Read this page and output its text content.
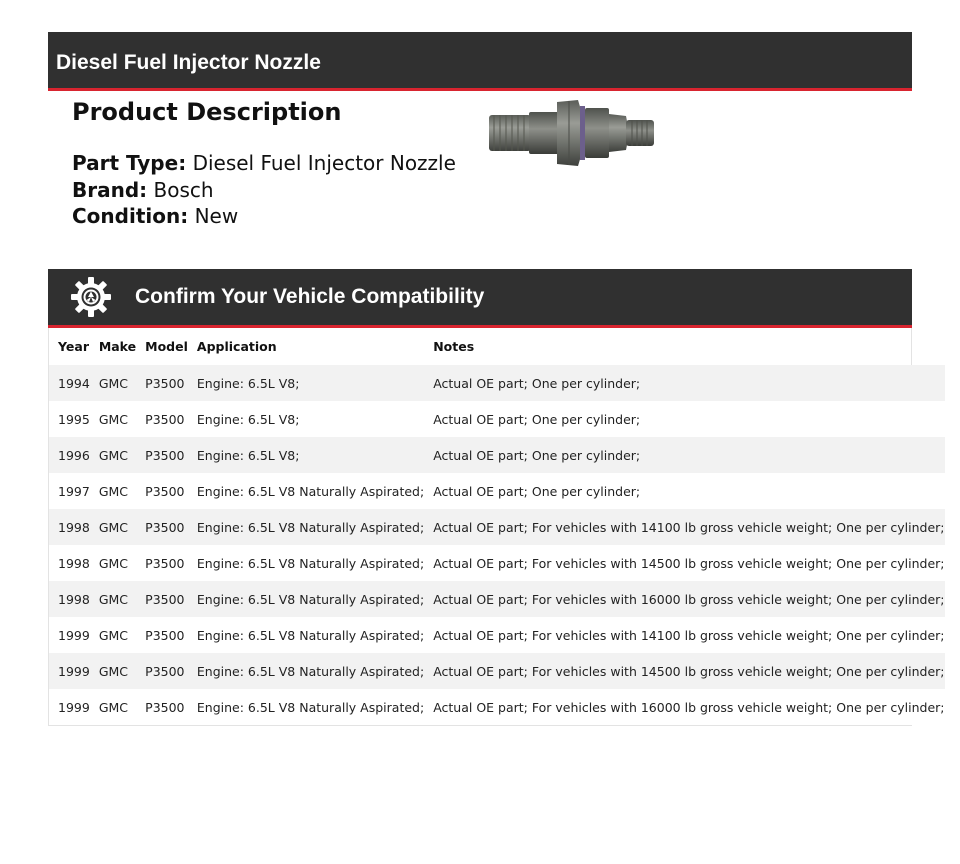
Diesel Fuel Injector Nozzle
Product Description
Part Type: Diesel Fuel Injector Nozzle
Brand: Bosch
Condition: New
Confirm Your Vehicle Compatibility
Year	Make	Model	Application	Notes
1994	GMC	P3500	Engine: 6.5L V8;	Actual OE part; One per cylinder;
1995	GMC	P3500	Engine: 6.5L V8;	Actual OE part; One per cylinder;
1996	GMC	P3500	Engine: 6.5L V8;	Actual OE part; One per cylinder;
1997	GMC	P3500	Engine: 6.5L V8 Naturally Aspirated;	Actual OE part; One per cylinder;
1998	GMC	P3500	Engine: 6.5L V8 Naturally Aspirated;	Actual OE part; For vehicles with 14100 lb gross vehicle weight; One per cylinder;
1998	GMC	P3500	Engine: 6.5L V8 Naturally Aspirated;	Actual OE part; For vehicles with 14500 lb gross vehicle weight; One per cylinder;
1998	GMC	P3500	Engine: 6.5L V8 Naturally Aspirated;	Actual OE part; For vehicles with 16000 lb gross vehicle weight; One per cylinder;
1999	GMC	P3500	Engine: 6.5L V8 Naturally Aspirated;	Actual OE part; For vehicles with 14100 lb gross vehicle weight; One per cylinder;
1999	GMC	P3500	Engine: 6.5L V8 Naturally Aspirated;	Actual OE part; For vehicles with 14500 lb gross vehicle weight; One per cylinder;
1999	GMC	P3500	Engine: 6.5L V8 Naturally Aspirated;	Actual OE part; For vehicles with 16000 lb gross vehicle weight; One per cylinder;
